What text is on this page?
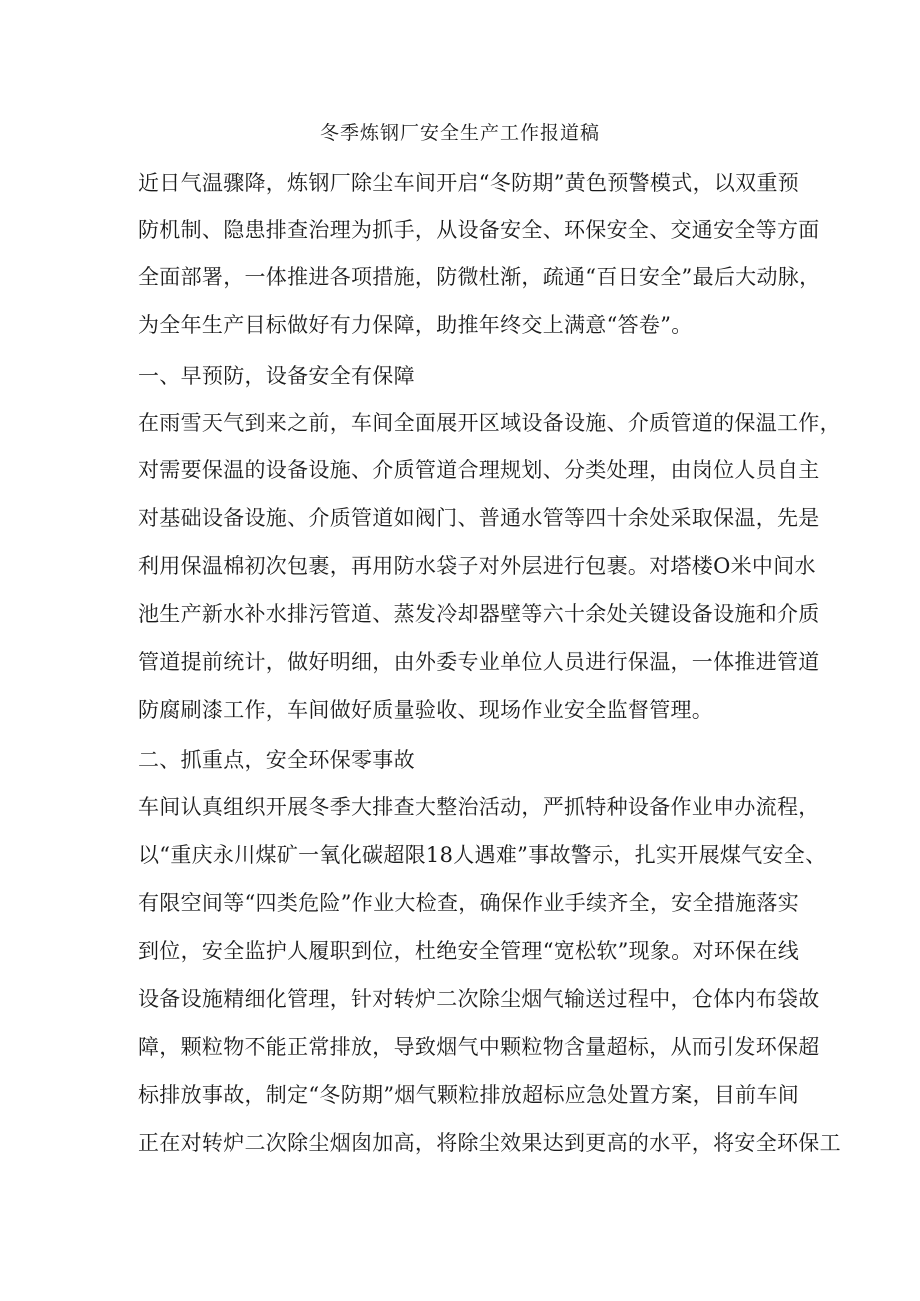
冬季炼钢厂安全生产工作报道稿
近日气温骤降，炼钢厂除尘车间开启“冬防期”黄色预警模式，以双重预
防机制、隐患排查治理为抓手，从设备安全、环保安全、交通安全等方面
全面部署，一体推进各项措施，防微杜渐，疏通“百日安全”最后大动脉，
为全年生产目标做好有力保障，助推年终交上满意“答卷”。
一、早预防，设备安全有保障
在雨雪天气到来之前，车间全面展开区域设备设施、介质管道的保温工作，
对需要保温的设备设施、介质管道合理规划、分类处理，由岗位人员自主
对基础设备设施、介质管道如阀门、普通水管等四十余处采取保温，先是
利用保温棉初次包裹，再用防水袋子对外层进行包裹。对塔楼O米中间水
池生产新水补水排污管道、蒸发冷却器壁等六十余处关键设备设施和介质
管道提前统计，做好明细，由外委专业单位人员进行保温，一体推进管道
防腐刷漆工作，车间做好质量验收、现场作业安全监督管理。
二、抓重点，安全环保零事故
车间认真组织开展冬季大排查大整治活动，严抓特种设备作业申办流程，
以“重庆永川煤矿一氧化碳超限18人遇难”事故警示，扎实开展煤气安全、
有限空间等“四类危险”作业大检查，确保作业手续齐全，安全措施落实
到位，安全监护人履职到位，杜绝安全管理“宽松软”现象。对环保在线
设备设施精细化管理，针对转炉二次除尘烟气输送过程中，仓体内布袋故
障，颗粒物不能正常排放，导致烟气中颗粒物含量超标，从而引发环保超
标排放事故，制定“冬防期”烟气颗粒排放超标应急处置方案，目前车间
正在对转炉二次除尘烟囱加高，将除尘效果达到更高的水平，将安全环保工
